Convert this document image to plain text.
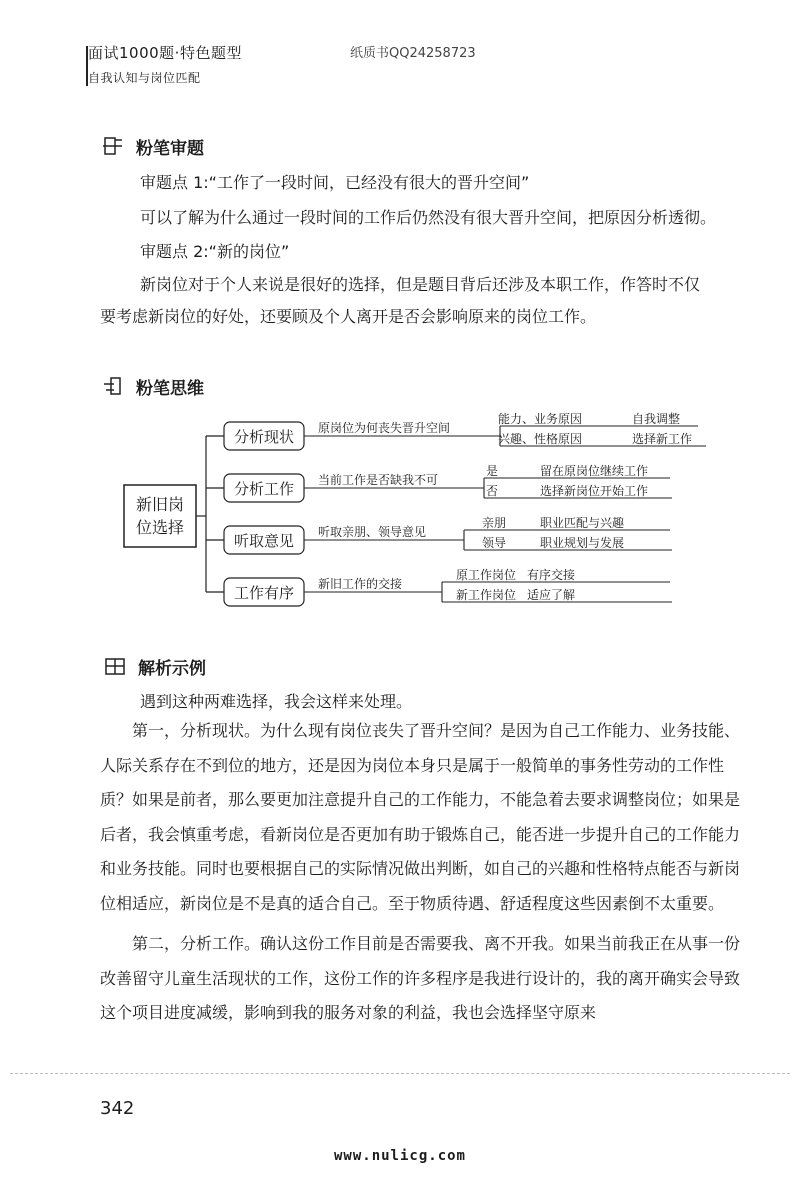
面试1000题·特色题型
自我认知与岗位匹配
纸质书QQ24258723
粉笔审题
审题点 1:“工作了一段时间，已经没有很大的晋升空间”
可以了解为什么通过一段时间的工作后仍然没有很大晋升空间，把原因分析透彻。
审题点 2:“新的岗位”
新岗位对于个人来说是很好的选择，但是题目背后还涉及本职工作，作答时不仅
要考虑新岗位的好处，还要顾及个人离开是否会影响原来的岗位工作。
粉笔思维
新旧岗
位选择
分析现状 原岗位为何丧失晋升空间
能力、业务原因	自我调整
兴趣、性格原因	选择新工作
分析工作 当前工作是否缺我不可
是	留在原岗位继续工作
否	选择新岗位开始工作
听取意见 听取亲朋、领导意见
亲朋	职业匹配与兴趣
领导	职业规划与发展
工作有序 新旧工作的交接
原工作岗位 有序交接
新工作岗位 适应了解
解析示例
遇到这种两难选择，我会这样来处理。

第一，分析现状。为什么现有岗位丧失了晋升空间？是因为自己工作能力、业务技能、人际关系存在不到位的地方，还是因为岗位本身只是属于一般简单的事务性劳动的工作性质？如果是前者，那么要更加注意提升自己的工作能力，不能急着去要求调整岗位；如果是后者，我会慎重考虑，看新岗位是否更加有助于锻炼自己，能否进一步提升自己的工作能力和业务技能。同时也要根据自己的实际情况做出判断，如自己的兴趣和性格特点能否与新岗位相适应，新岗位是不是真的适合自己。至于物质待遇、舒适程度这些因素倒不太重要。

第二，分析工作。确认这份工作目前是否需要我、离不开我。如果当前我正在从事一份改善留守儿童生活现状的工作，这份工作的许多程序是我进行设计的，我的离开确实会导致这个项目进度减缓，影响到我的服务对象的利益，我也会选择坚守原来

342
www.nulicg.com
